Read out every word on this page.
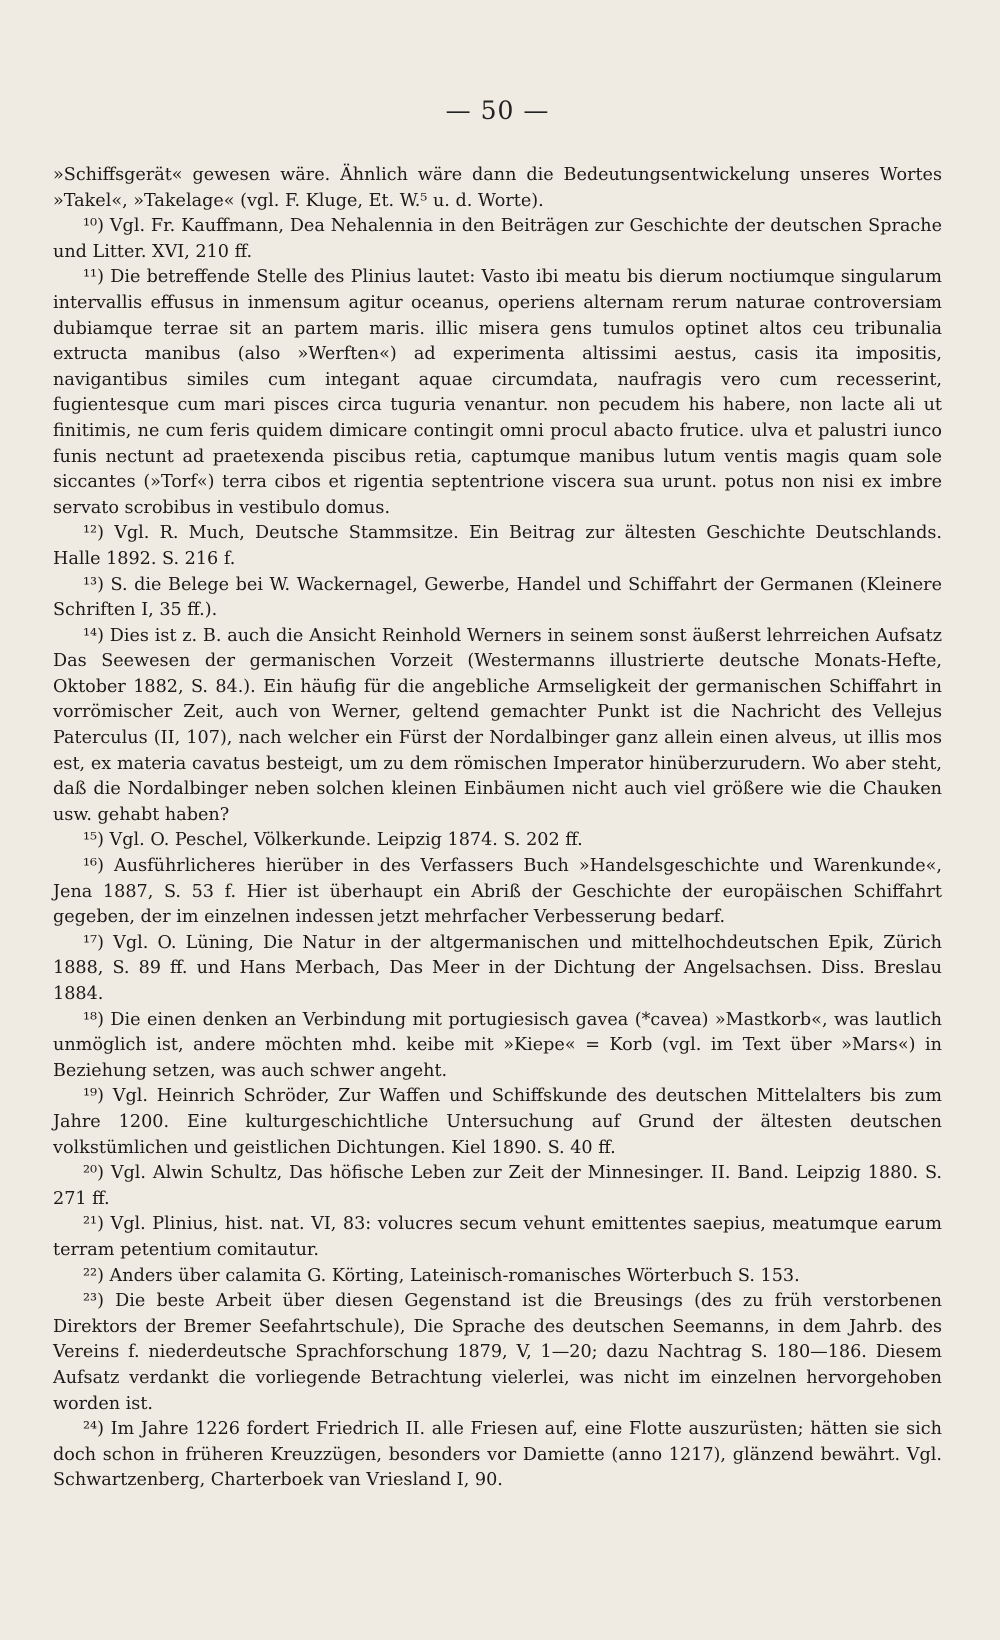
— 50 —

»Schiffsgerät« gewesen wäre. Ähnlich wäre dann die Bedeutungsentwickelung unseres Wortes »Takel«, »Takelage« (vgl. F. Kluge, Et. W.⁵ u. d. Worte).

¹⁰) Vgl. Fr. Kauffmann, Dea Nehalennia in den Beiträgen zur Geschichte der deutschen Sprache und Litter. XVI, 210 ff.

¹¹) Die betreffende Stelle des Plinius lautet: Vasto ibi meatu bis dierum noctiumque singularum intervallis effusus in inmensum agitur oceanus, operiens alternam rerum naturae controversiam dubiamque terrae sit an partem maris. illic misera gens tumulos optinet altos ceu tribunalia extructa manibus (also »Werften«) ad experimenta altissimi aestus, casis ita impositis, navigantibus similes cum integant aquae circumdata, naufragis vero cum recesserint, fugientesque cum mari pisces circa tuguria venantur. non pecudem his habere, non lacte ali ut finitimis, ne cum feris quidem dimicare contingit omni procul abacto frutice. ulva et palustri iunco funis nectunt ad praetexenda piscibus retia, captumque manibus lutum ventis magis quam sole siccantes (»Torf«) terra cibos et rigentia septentrione viscera sua urunt. potus non nisi ex imbre servato scrobibus in vestibulo domus.

¹²) Vgl. R. Much, Deutsche Stammsitze. Ein Beitrag zur ältesten Geschichte Deutschlands. Halle 1892. S. 216 f.

¹³) S. die Belege bei W. Wackernagel, Gewerbe, Handel und Schiffahrt der Germanen (Kleinere Schriften I, 35 ff.).

¹⁴) Dies ist z. B. auch die Ansicht Reinhold Werners in seinem sonst äußerst lehrreichen Aufsatz Das Seewesen der germanischen Vorzeit (Westermanns illustrierte deutsche Monats-Hefte, Oktober 1882, S. 84.). Ein häufig für die angebliche Armseligkeit der germanischen Schiffahrt in vorrömischer Zeit, auch von Werner, geltend gemachter Punkt ist die Nachricht des Vellejus Paterculus (II, 107), nach welcher ein Fürst der Nordalbinger ganz allein einen alveus, ut illis mos est, ex materia cavatus besteigt, um zu dem römischen Imperator hinüberzurudern. Wo aber steht, daß die Nordalbinger neben solchen kleinen Einbäumen nicht auch viel größere wie die Chauken usw. gehabt haben?

¹⁵) Vgl. O. Peschel, Völkerkunde. Leipzig 1874. S. 202 ff.

¹⁶) Ausführlicheres hierüber in des Verfassers Buch »Handelsgeschichte und Warenkunde«, Jena 1887, S. 53 f. Hier ist überhaupt ein Abriß der Geschichte der europäischen Schiffahrt gegeben, der im einzelnen indessen jetzt mehrfacher Verbesserung bedarf.

¹⁷) Vgl. O. Lüning, Die Natur in der altgermanischen und mittelhochdeutschen Epik, Zürich 1888, S. 89 ff. und Hans Merbach, Das Meer in der Dichtung der Angelsachsen. Diss. Breslau 1884.

¹⁸) Die einen denken an Verbindung mit portugiesisch gavea (*cavea) »Mastkorb«, was lautlich unmöglich ist, andere möchten mhd. keibe mit »Kiepe« = Korb (vgl. im Text über »Mars«) in Beziehung setzen, was auch schwer angeht.

¹⁹) Vgl. Heinrich Schröder, Zur Waffen und Schiffskunde des deutschen Mittelalters bis zum Jahre 1200. Eine kulturgeschichtliche Untersuchung auf Grund der ältesten deutschen volkstümlichen und geistlichen Dichtungen. Kiel 1890. S. 40 ff.

²⁰) Vgl. Alwin Schultz, Das höfische Leben zur Zeit der Minnesinger. II. Band. Leipzig 1880. S. 271 ff.

²¹) Vgl. Plinius, hist. nat. VI, 83: volucres secum vehunt emittentes saepius, meatumque earum terram petentium comitautur.

²²) Anders über calamita G. Körting, Lateinisch-romanisches Wörterbuch S. 153.

²³) Die beste Arbeit über diesen Gegenstand ist die Breusings (des zu früh verstorbenen Direktors der Bremer Seefahrtschule), Die Sprache des deutschen Seemanns, in dem Jahrb. des Vereins f. niederdeutsche Sprachforschung 1879, V, 1—20; dazu Nachtrag S. 180—186. Diesem Aufsatz verdankt die vorliegende Betrachtung vielerlei, was nicht im einzelnen hervorgehoben worden ist.

²⁴) Im Jahre 1226 fordert Friedrich II. alle Friesen auf, eine Flotte auszurüsten; hätten sie sich doch schon in früheren Kreuzzügen, besonders vor Damiette (anno 1217), glänzend bewährt. Vgl. Schwartzenberg, Charterboek van Vriesland I, 90.
